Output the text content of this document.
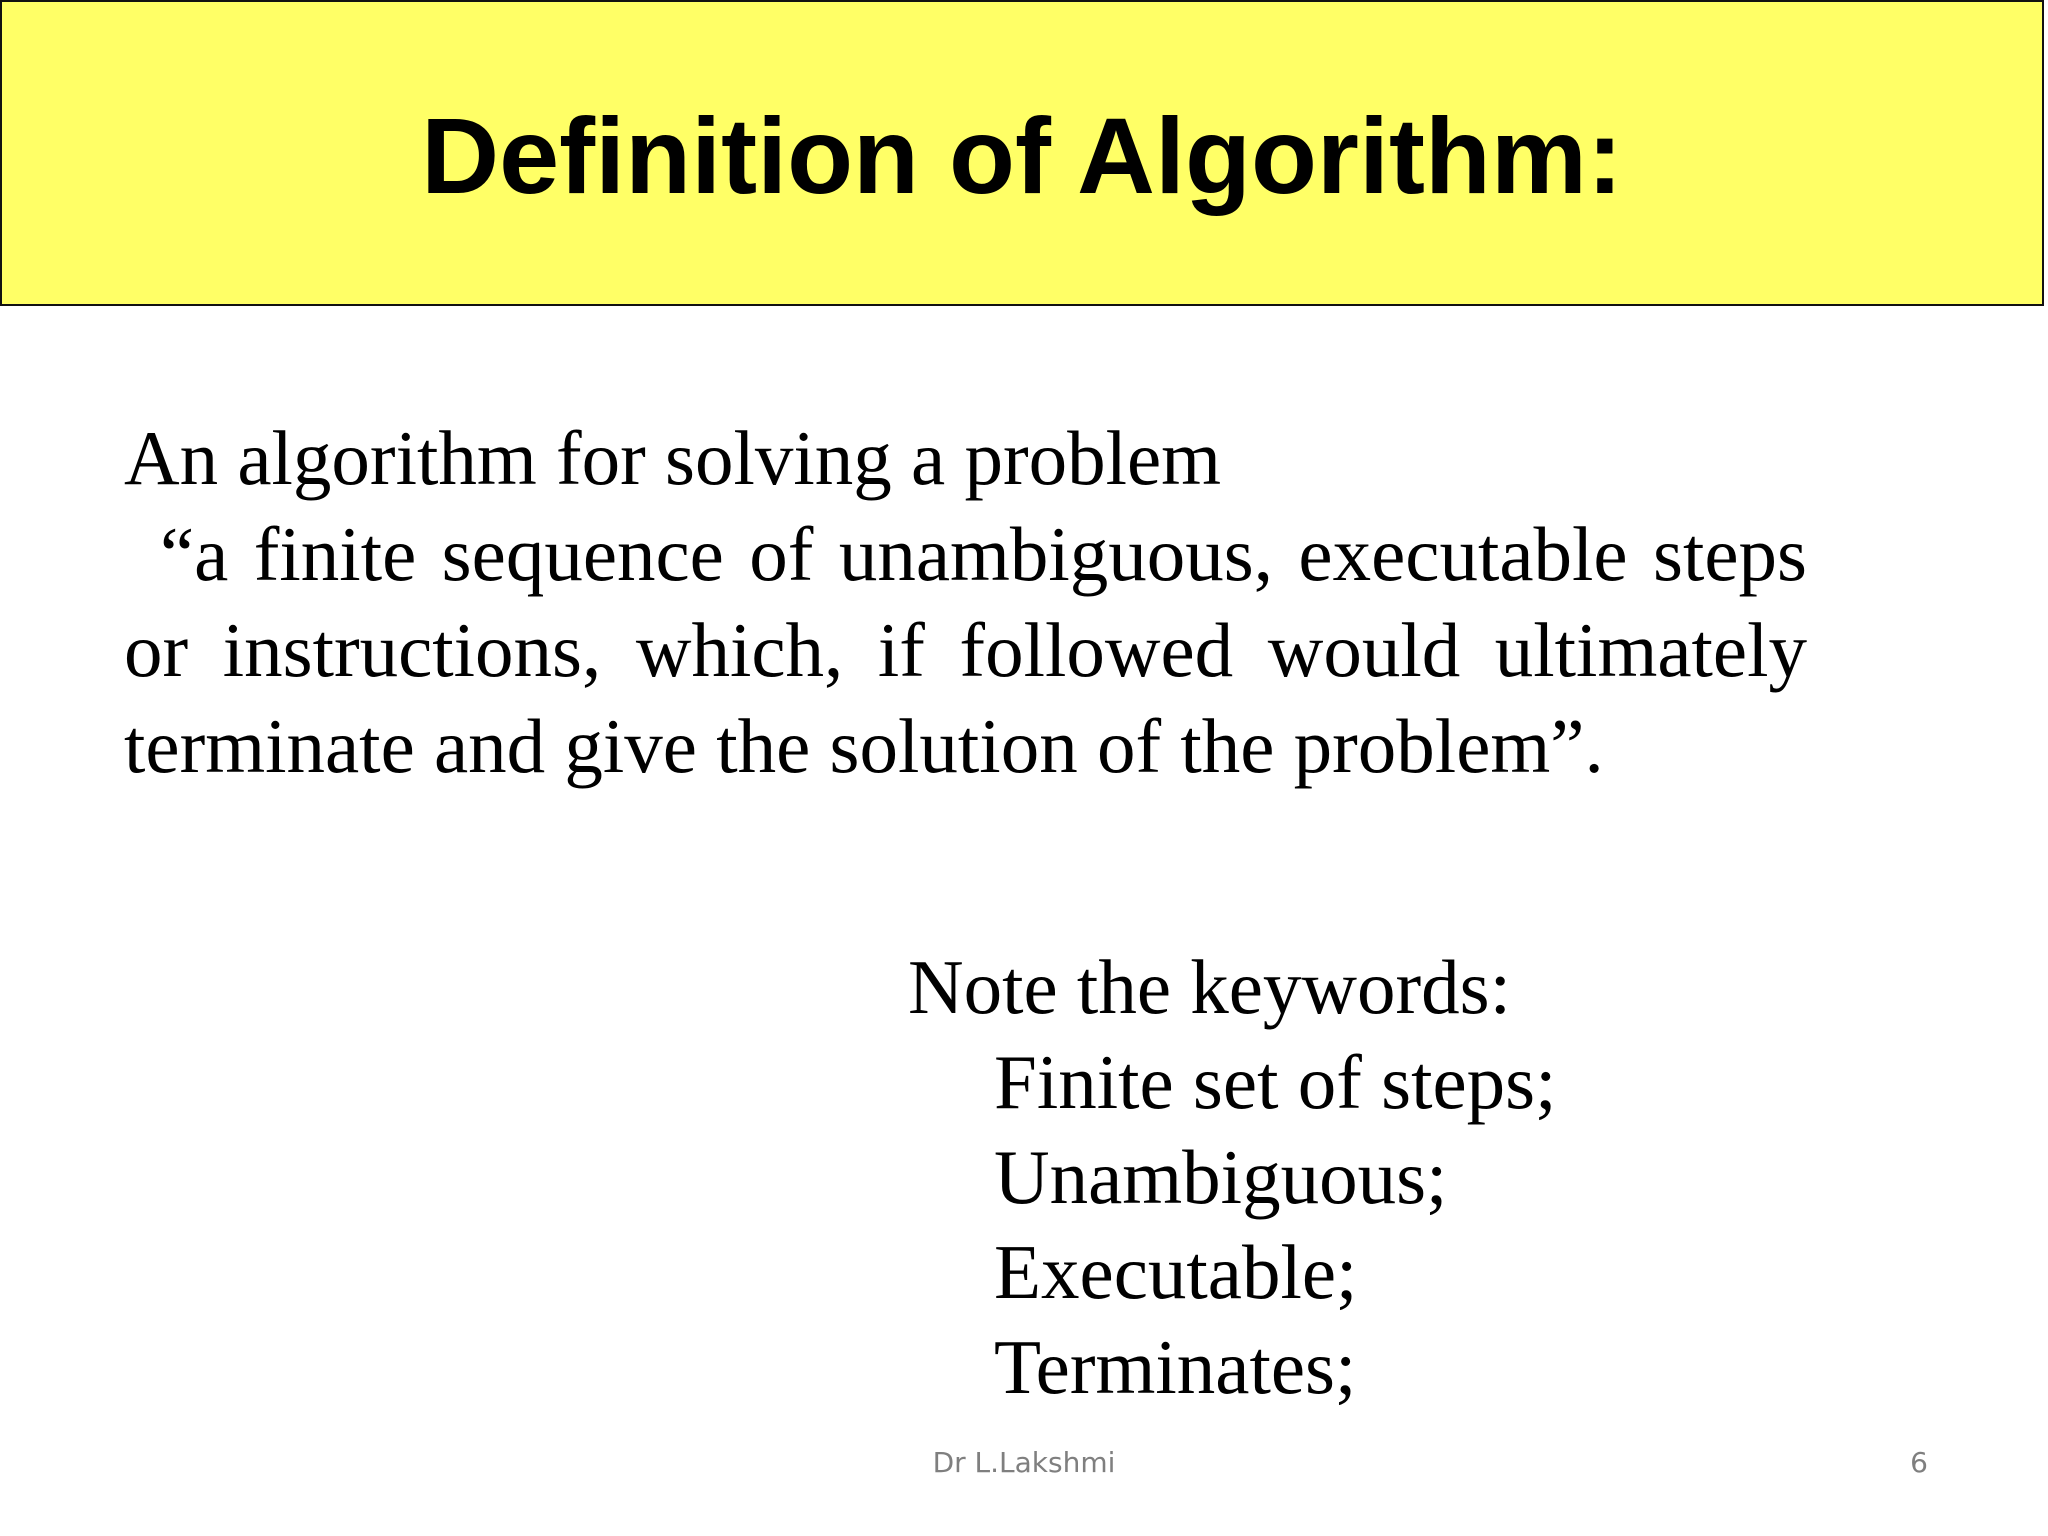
Definition of Algorithm:
An algorithm for solving a problem
“a finite sequence of unambiguous, executable steps or instructions, which, if followed would ultimately terminate and give the solution of the problem”.
Note the keywords:
Finite set of steps;
Unambiguous;
Executable;
Terminates;
Dr L.Lakshmi	6
